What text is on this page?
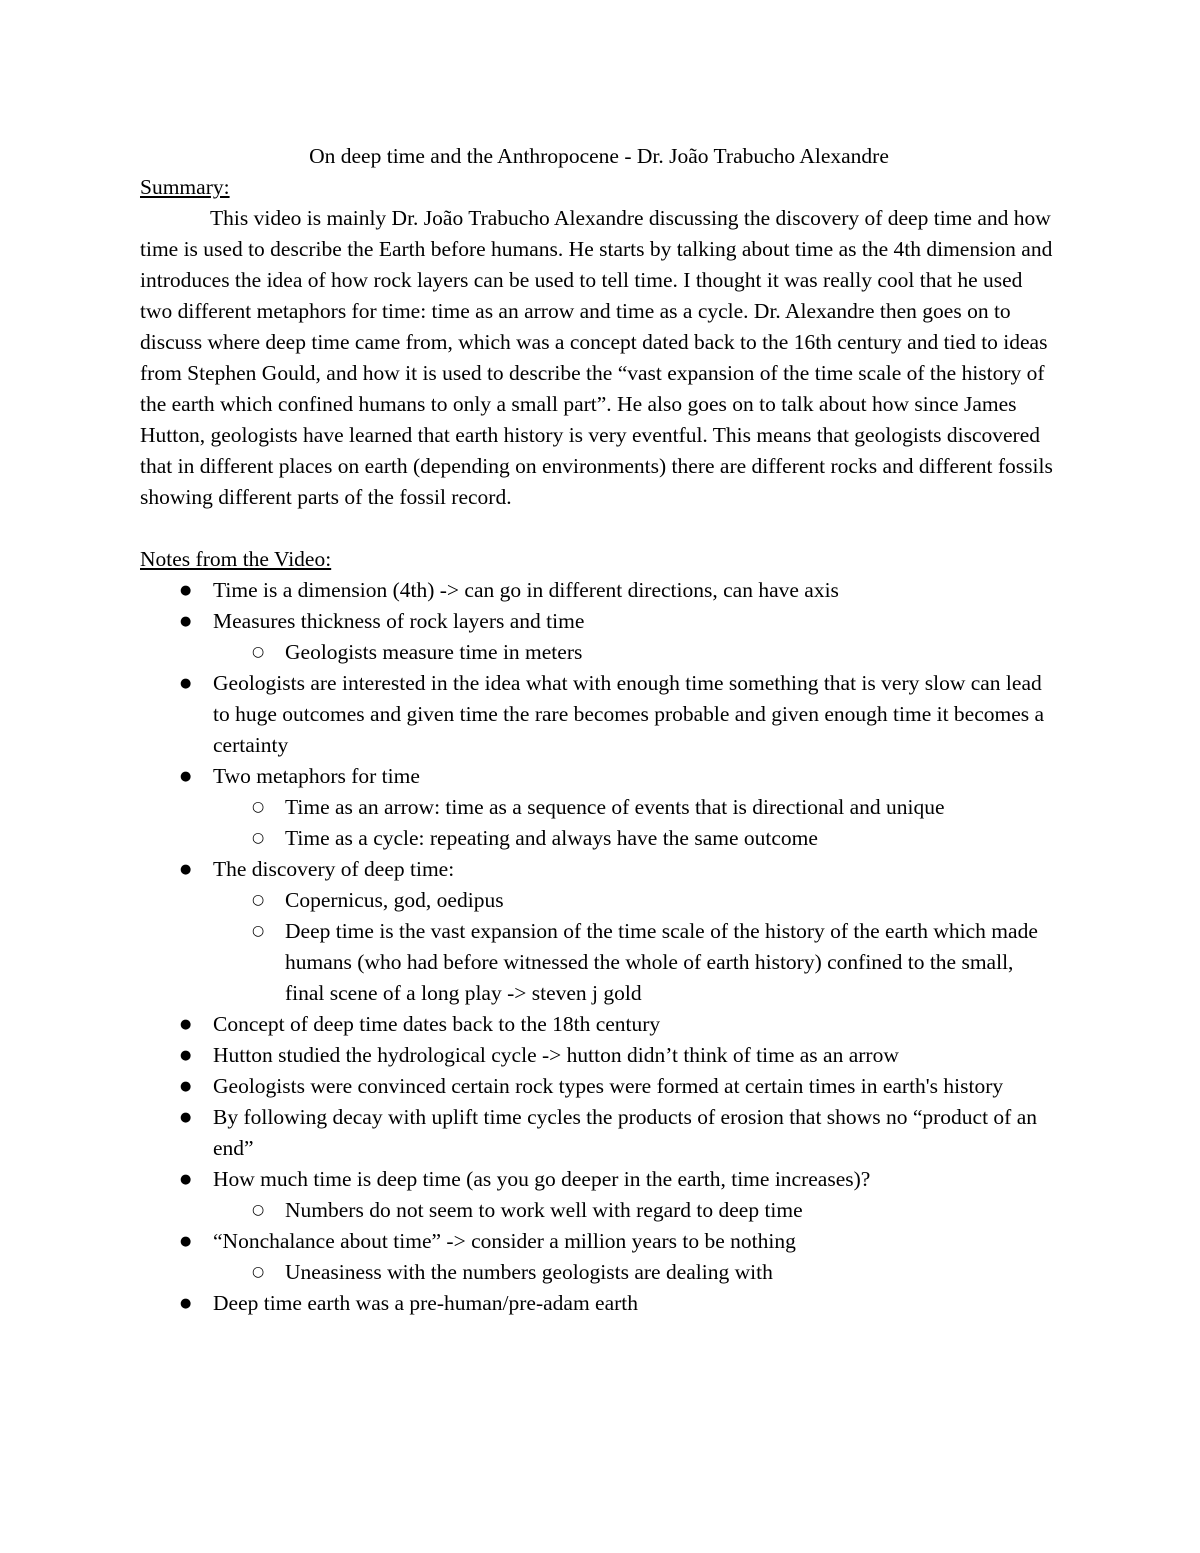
On deep time and the Anthropocene - Dr. João Trabucho Alexandre
Summary:

This video is mainly Dr. João Trabucho Alexandre discussing the discovery of deep time and how time is used to describe the Earth before humans. He starts by talking about time as the 4th dimension and introduces the idea of how rock layers can be used to tell time. I thought it was really cool that he used two different metaphors for time: time as an arrow and time as a cycle. Dr. Alexandre then goes on to discuss where deep time came from, which was a concept dated back to the 16th century and tied to ideas from Stephen Gould, and how it is used to describe the “vast expansion of the time scale of the history of the earth which confined humans to only a small part”. He also goes on to talk about how since James Hutton, geologists have learned that earth history is very eventful. This means that geologists discovered that in different places on earth (depending on environments) there are different rocks and different fossils showing different parts of the fossil record.

Notes from the Video:
●	Time is a dimension (4th) -> can go in different directions, can have axis
●	Measures thickness of rock layers and time
○ Geologists measure time in meters
●	Geologists are interested in the idea what with enough time something that is very slow can lead to huge outcomes and given time the rare becomes probable and given enough time it becomes a certainty
●	Two metaphors for time
○ Time as an arrow: time as a sequence of events that is directional and unique
○ Time as a cycle: repeating and always have the same outcome
●	The discovery of deep time:
○ Copernicus, god, oedipus
○ Deep time is the vast expansion of the time scale of the history of the earth which made humans (who had before witnessed the whole of earth history) confined to the small, final scene of a long play -> steven j gold
●	Concept of deep time dates back to the 18th century
●	Hutton studied the hydrological cycle -> hutton didn’t think of time as an arrow
●	Geologists were convinced certain rock types were formed at certain times in earth's history
●	By following decay with uplift time cycles the products of erosion that shows no “product of an end”
●	How much time is deep time (as you go deeper in the earth, time increases)?
○ Numbers do not seem to work well with regard to deep time
●	“Nonchalance about time” -> consider a million years to be nothing
○ Uneasiness with the numbers geologists are dealing with
●	Deep time earth was a pre-human/pre-adam earth
